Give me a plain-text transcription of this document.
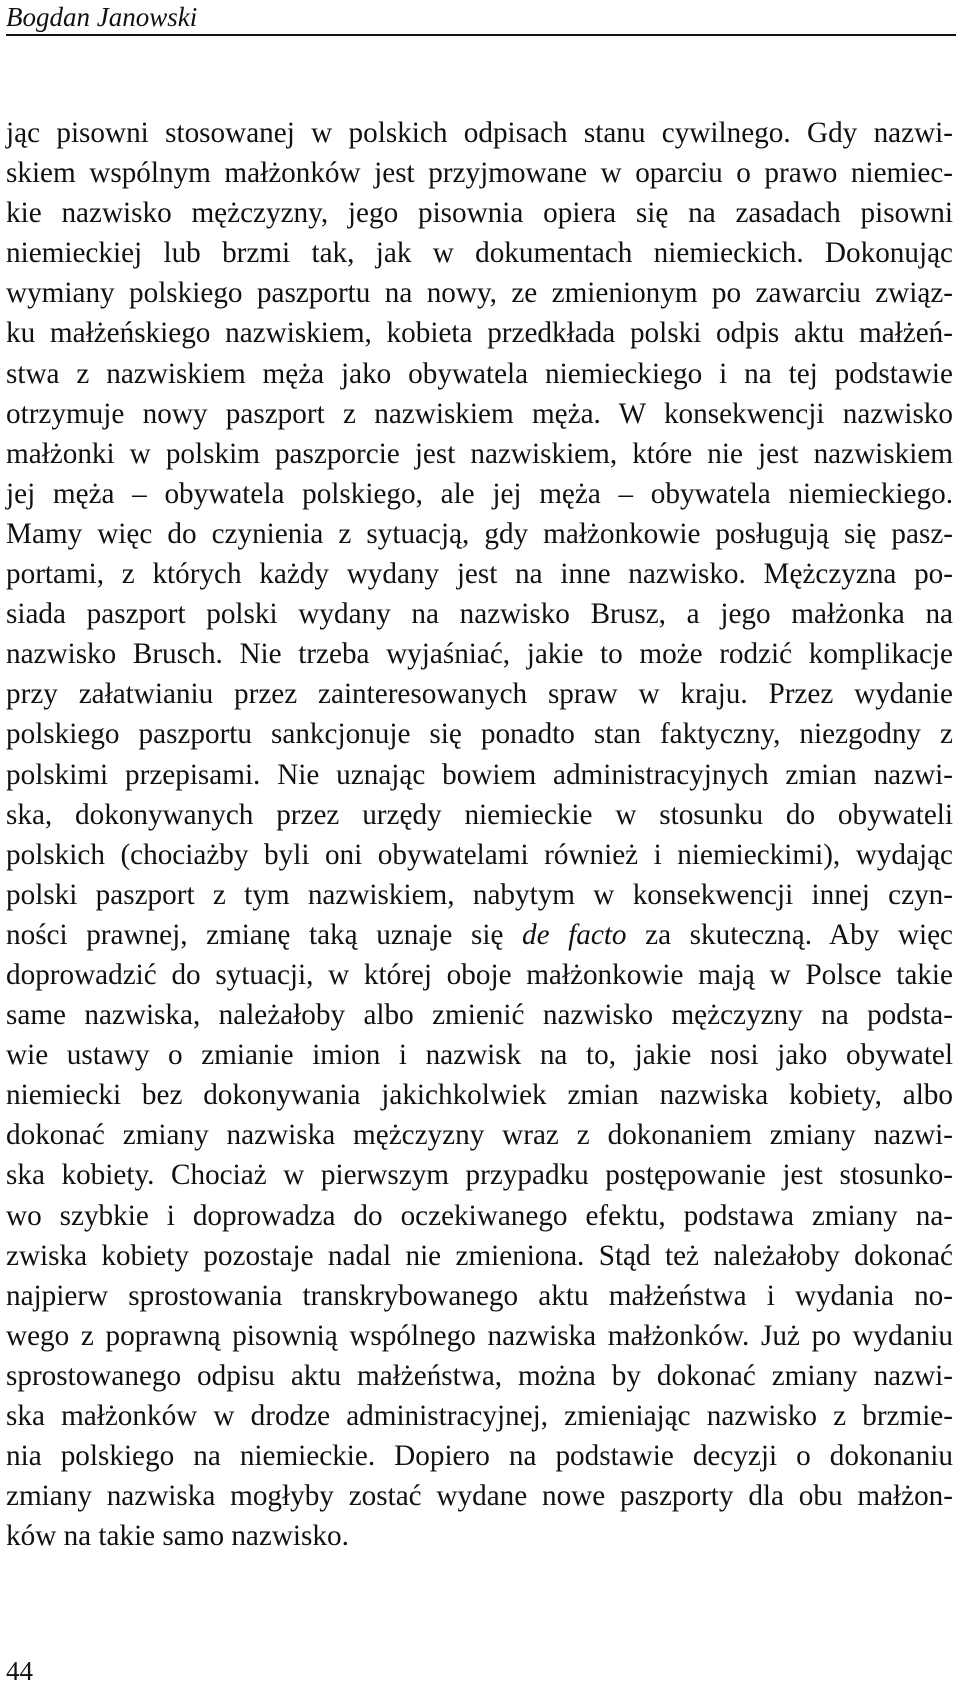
Bogdan Janowski
jąc pisowni stosowanej w polskich odpisach stanu cywilnego. Gdy nazwi-
skiem wspólnym małżonków jest przyjmowane w oparciu o prawo niemiec-
kie nazwisko mężczyzny, jego pisownia opiera się na zasadach pisowni
niemieckiej lub brzmi tak, jak w dokumentach niemieckich. Dokonując
wymiany polskiego paszportu na nowy, ze zmienionym po zawarciu związ-
ku małżeńskiego nazwiskiem, kobieta przedkłada polski odpis aktu małżeń-
stwa z nazwiskiem męża jako obywatela niemieckiego i na tej podstawie
otrzymuje nowy paszport z nazwiskiem męża. W konsekwencji nazwisko
małżonki w polskim paszporcie jest nazwiskiem, które nie jest nazwiskiem
jej męża – obywatela polskiego, ale jej męża – obywatela niemieckiego.
Mamy więc do czynienia z sytuacją, gdy małżonkowie posługują się pasz-
portami, z których każdy wydany jest na inne nazwisko. Mężczyzna po-
siada paszport polski wydany na nazwisko Brusz, a jego małżonka na
nazwisko Brusch. Nie trzeba wyjaśniać, jakie to może rodzić komplikacje
przy załatwianiu przez zainteresowanych spraw w kraju. Przez wydanie
polskiego paszportu sankcjonuje się ponadto stan faktyczny, niezgodny z
polskimi przepisami. Nie uznając bowiem administracyjnych zmian nazwi-
ska, dokonywanych przez urzędy niemieckie w stosunku do obywateli
polskich (chociażby byli oni obywatelami również i niemieckimi), wydając
polski paszport z tym nazwiskiem, nabytym w konsekwencji innej czyn-
ności prawnej, zmianę taką uznaje się de facto za skuteczną. Aby więc
doprowadzić do sytuacji, w której oboje małżonkowie mają w Polsce takie
same nazwiska, należałoby albo zmienić nazwisko mężczyzny na podsta-
wie ustawy o zmianie imion i nazwisk na to, jakie nosi jako obywatel
niemiecki bez dokonywania jakichkolwiek zmian nazwiska kobiety, albo
dokonać zmiany nazwiska mężczyzny wraz z dokonaniem zmiany nazwi-
ska kobiety. Chociaż w pierwszym przypadku postępowanie jest stosunko-
wo szybkie i doprowadza do oczekiwanego efektu, podstawa zmiany na-
zwiska kobiety pozostaje nadal nie zmieniona. Stąd też należałoby dokonać
najpierw sprostowania transkrybowanego aktu małżeństwa i wydania no-
wego z poprawną pisownią wspólnego nazwiska małżonków. Już po wydaniu
sprostowanego odpisu aktu małżeństwa, można by dokonać zmiany nazwi-
ska małżonków w drodze administracyjnej, zmieniając nazwisko z brzmie-
nia polskiego na niemieckie. Dopiero na podstawie decyzji o dokonaniu
zmiany nazwiska mogłyby zostać wydane nowe paszporty dla obu małżon-
ków na takie samo nazwisko.
44
